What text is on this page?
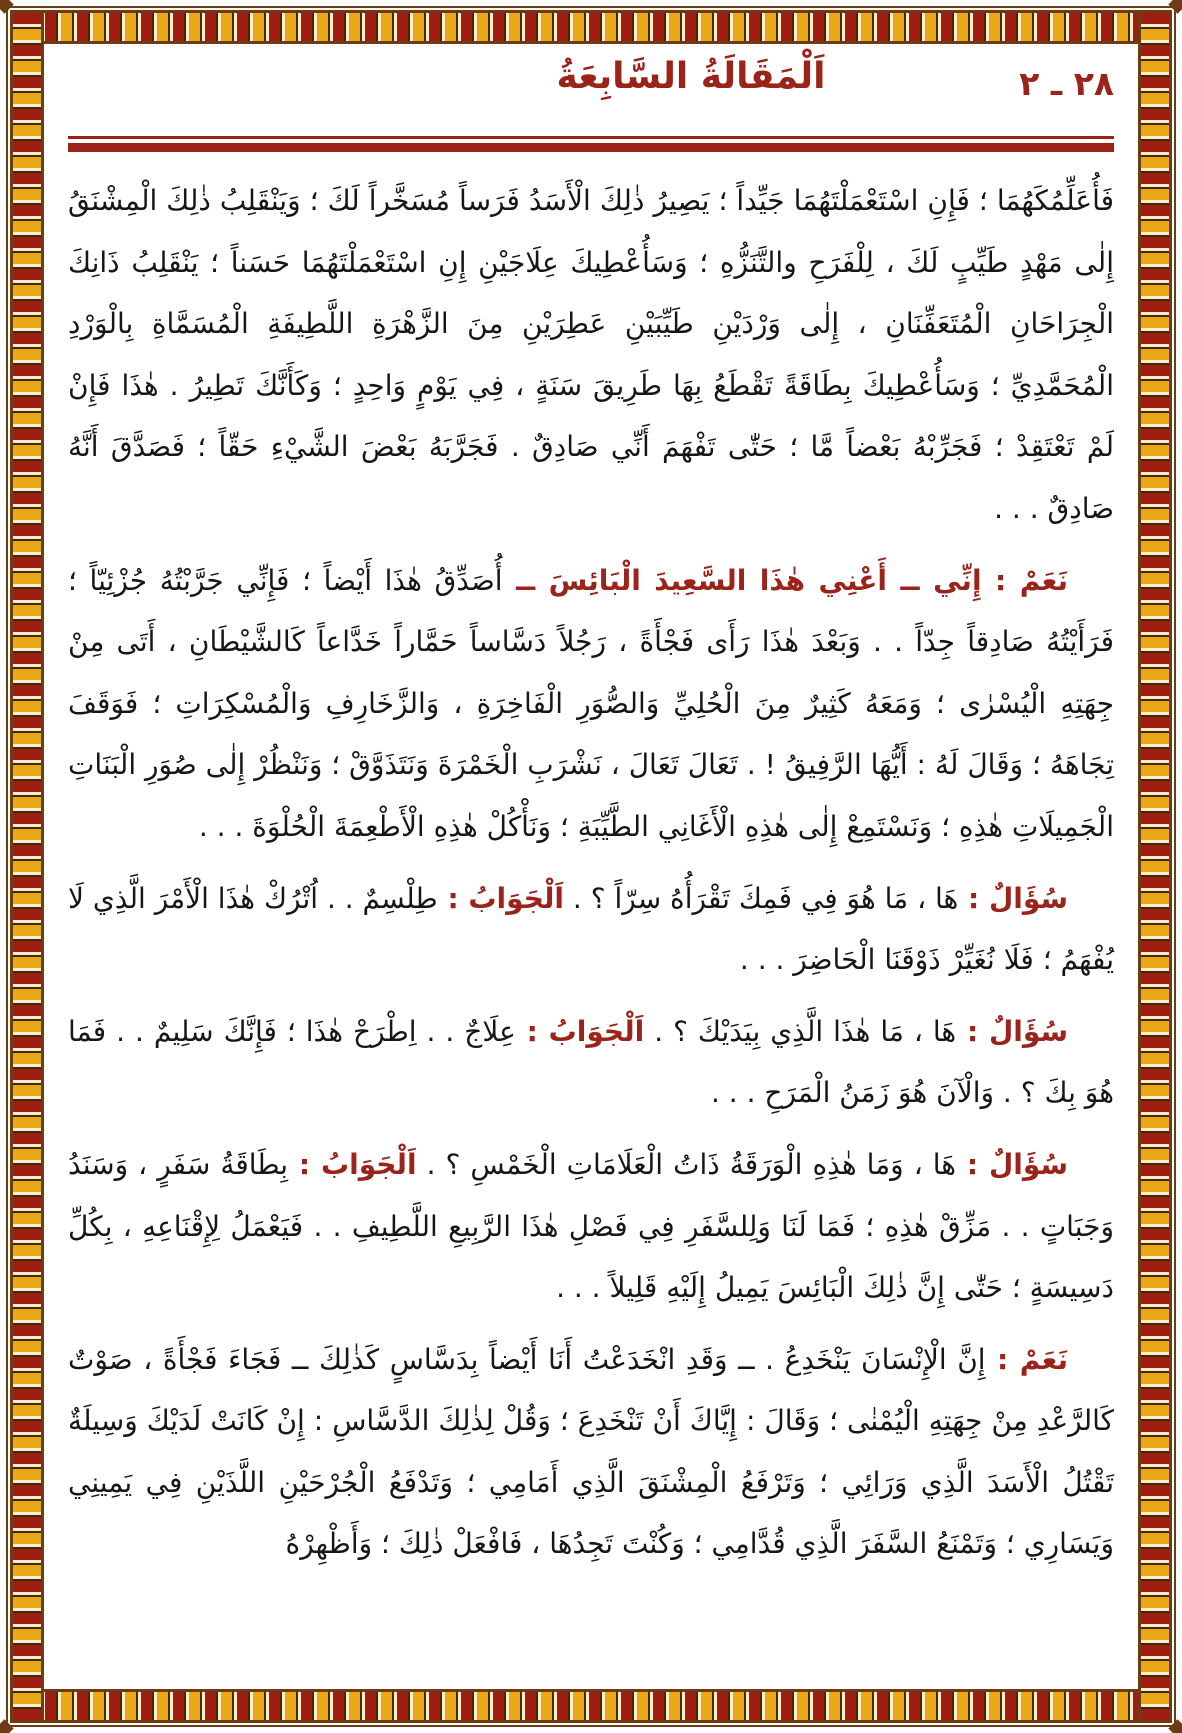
٢٨ ـ ٢
اَلْمَقَالَةُ السَّابِعَةُ

فَأُعَلِّمُكَهُمَا ؛ فَإِنِ اسْتَعْمَلْتَهُمَا جَيِّداً ؛ يَصِيرُ ذٰلِكَ الْأَسَدُ فَرَساً مُسَخَّراً لَكَ ؛ وَيَنْقَلِبُ ذٰلِكَ الْمِشْنَقُ إِلٰى مَهْدٍ طَيِّبٍ لَكَ ، لِلْفَرَحِ والتَّنَزُّهِ ؛ وَسَأُعْطِيكَ عِلَاجَيْنِ إِنِ اسْتَعْمَلْتَهُمَا حَسَناً ؛ يَنْقَلِبُ ذَانِكَ الْجِرَاحَانِ الْمُتَعَفِّنَانِ ، إِلٰى وَرْدَيْنِ طَيِّبَيْنِ عَطِرَيْنِ مِنَ الزَّهْرَةِ اللَّطِيفَةِ الْمُسَمَّاةِ بِالْوَرْدِ الْمُحَمَّدِيِّ ؛ وَسَأُعْطِيكَ بِطَاقَةً تَقْطَعُ بِهَا طَرِيقَ سَنَةٍ ، فِي يَوْمٍ وَاحِدٍ ؛ وَكَأَنَّكَ تَطِيرُ . هٰذَا فَإِنْ لَمْ تَعْتَقِدْ ؛ فَجَرِّبْهُ بَعْضاً مَّا ؛ حَتّٰى تَفْهَمَ أَنِّي صَادِقٌ . فَجَرَّبَهُ بَعْضَ الشَّيْءِ حَقّاً ؛ فَصَدَّقَ أَنَّهُ صَادِقٌ . . .

نَعَمْ : إِنِّي ــ أَعْنِي هٰذَا السَّعِيدَ الْبَائِسَ ــ أُصَدِّقُ هٰذَا أَيْضاً ؛ فَإِنِّي جَرَّبْتُهُ جُزْئِيّاً ؛ فَرَأَيْتُهُ صَادِقاً جِدّاً . . وَبَعْدَ هٰذَا رَأَى فَجْأَةً ، رَجُلاً دَسَّاساً حَمَّاراً خَدَّاعاً كَالشَّيْطَانِ ، أَتَى مِنْ جِهَتِهِ الْيُسْرٰى ؛ وَمَعَهُ كَثِيرٌ مِنَ الْحُلِيِّ وَالصُّوَرِ الْفَاخِرَةِ ، وَالزَّخَارِفِ وَالْمُسْكِرَاتِ ؛ فَوَقَفَ تِجَاهَهُ ؛ وَقَالَ لَهُ : أَيُّهَا الرَّفِيقُ ! . تَعَالَ تَعَالَ ، نَشْرَبِ الْخَمْرَةَ وَنَتَذَوَّقْ ؛ وَنَنْظُرْ إِلٰى صُوَرِ الْبَنَاتِ الْجَمِيلَاتِ هٰذِهِ ؛ وَنَسْتَمِعْ إِلٰى هٰذِهِ الْأَغَانِي الطَّيِّبَةِ ؛ وَنَأْكُلْ هٰذِهِ الْأَطْعِمَةَ الْحُلْوَةَ . . .

سُؤَالٌ : هَا ، مَا هُوَ فِي فَمِكَ تَقْرَأُهُ سِرّاً ؟ . اَلْجَوَابُ : طِلْسِمٌ . . اُتْرُكْ هٰذَا الْأَمْرَ الَّذِي لَا يُفْهَمُ ؛ فَلَا نُغَيِّرْ ذَوْقَنَا الْحَاضِرَ . . .

سُؤَالٌ : هَا ، مَا هٰذَا الَّذِي بِيَدَيْكَ ؟ . اَلْجَوَابُ : عِلَاجٌ . . اِطْرَحْ هٰذَا ؛ فَإِنَّكَ سَلِيمٌ . . فَمَا هُوَ بِكَ ؟ . وَالْآنَ هُوَ زَمَنُ الْمَرَحِ . . .

سُؤَالٌ : هَا ، وَمَا هٰذِهِ الْوَرَقَةُ ذَاتُ الْعَلَامَاتِ الْخَمْسِ ؟ . اَلْجَوَابُ : بِطَاقَةُ سَفَرٍ ، وَسَنَدُ وَجَبَاتٍ . . مَزِّقْ هٰذِهِ ؛ فَمَا لَنَا وَلِلسَّفَرِ فِي فَصْلِ هٰذَا الرَّبِيعِ اللَّطِيفِ . . فَيَعْمَلُ لِإِقْنَاعِهِ ، بِكُلِّ دَسِيسَةٍ ؛ حَتّٰى إِنَّ ذٰلِكَ الْبَائِسَ يَمِيلُ إِلَيْهِ قَلِيلاً . . .

نَعَمْ : إِنَّ الْإِنْسَانَ يَنْخَدِعُ . ــ وَقَدِ انْخَدَعْتُ أَنَا أَيْضاً بِدَسَّاسٍ كَذٰلِكَ ــ فَجَاءَ فَجْأَةً ، صَوْتٌ كَالرَّعْدِ مِنْ جِهَتِهِ الْيُمْنٰى ؛ وَقَالَ : إِيَّاكَ أَنْ تَنْخَدِعَ ؛ وَقُلْ لِذٰلِكَ الدَّسَّاسِ : إِنْ كَانَتْ لَدَيْكَ وَسِيلَةٌ تَقْتُلُ الْأَسَدَ الَّذِي وَرَائِي ؛ وَتَرْفَعُ الْمِشْنَقَ الَّذِي أَمَامِي ؛ وَتَدْفَعُ الْجُرْحَيْنِ اللَّذَيْنِ فِي يَمِينِي وَيَسَارِي ؛ وَتَمْنَعُ السَّفَرَ الَّذِي قُدَّامِي ؛ وَكُنْتَ تَجِدُهَا ، فَافْعَلْ ذٰلِكَ ؛ وَأَظْهِرْهُ
